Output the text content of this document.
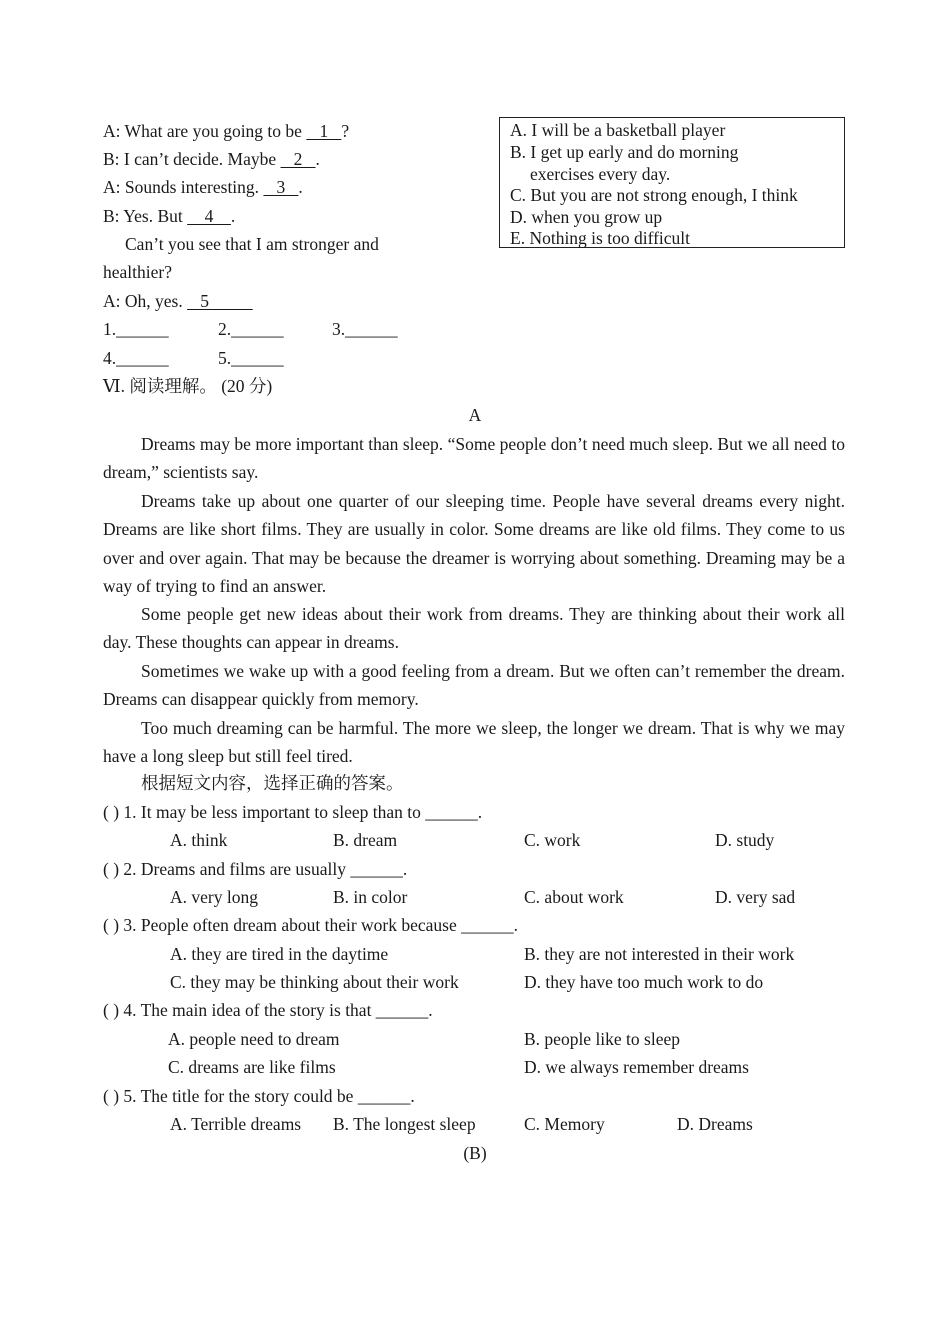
A: What are you going to be    1   ?
B: I can’t decide. Maybe    2   .
A: Sounds interesting.    3   .
B: Yes. But     4    .
Can’t you see that I am stronger and
healthier?
A: Oh, yes.    5
1.______	2.______	3.______
4.______	5.______
A. I will be a basketball player
B. I get up early and do morning
exercises every day.
C. But you are not strong enough, I think
D. when you grow up
E. Nothing is too difficult
Ⅵ. 阅读理解。 (20 分)
A
Dreams may be more important than sleep. “Some people don’t need much sleep. But we all need to dream,” scientists say.
Dreams take up about one quarter of our sleeping time. People have several dreams every night. Dreams are like short films. They are usually in color. Some dreams are like old films. They come to us over and over again. That may be because the dreamer is worrying about something. Dreaming may be a way of trying to find an answer.
Some people get new ideas about their work from dreams. They are thinking about their work all day. These thoughts can appear in dreams.
Sometimes we wake up with a good feeling from a dream. But we often can’t remember the dream. Dreams can disappear quickly from memory.
Too much dreaming can be harmful. The more we sleep, the longer we dream. That is why we may have a long sleep but still feel tired.
根据短文内容，选择正确的答案。
( ) 1. It may be less important to sleep than to ______.
A. think	B. dream	C. work	D. study
( ) 2. Dreams and films are usually ______.
A. very long	B. in color	C. about work	D. very sad
( ) 3. People often dream about their work because ______.
A. they are tired in the daytime	B. they are not interested in their work
C. they may be thinking about their work	D. they have too much work to do
( ) 4. The main idea of the story is that ______.
A. people need to dream	B. people like to sleep
C. dreams are like films	D. we always remember dreams
( ) 5. The title for the story could be ______.
A. Terrible dreams B. The longest sleep	C. Memory	D. Dreams
(B)
